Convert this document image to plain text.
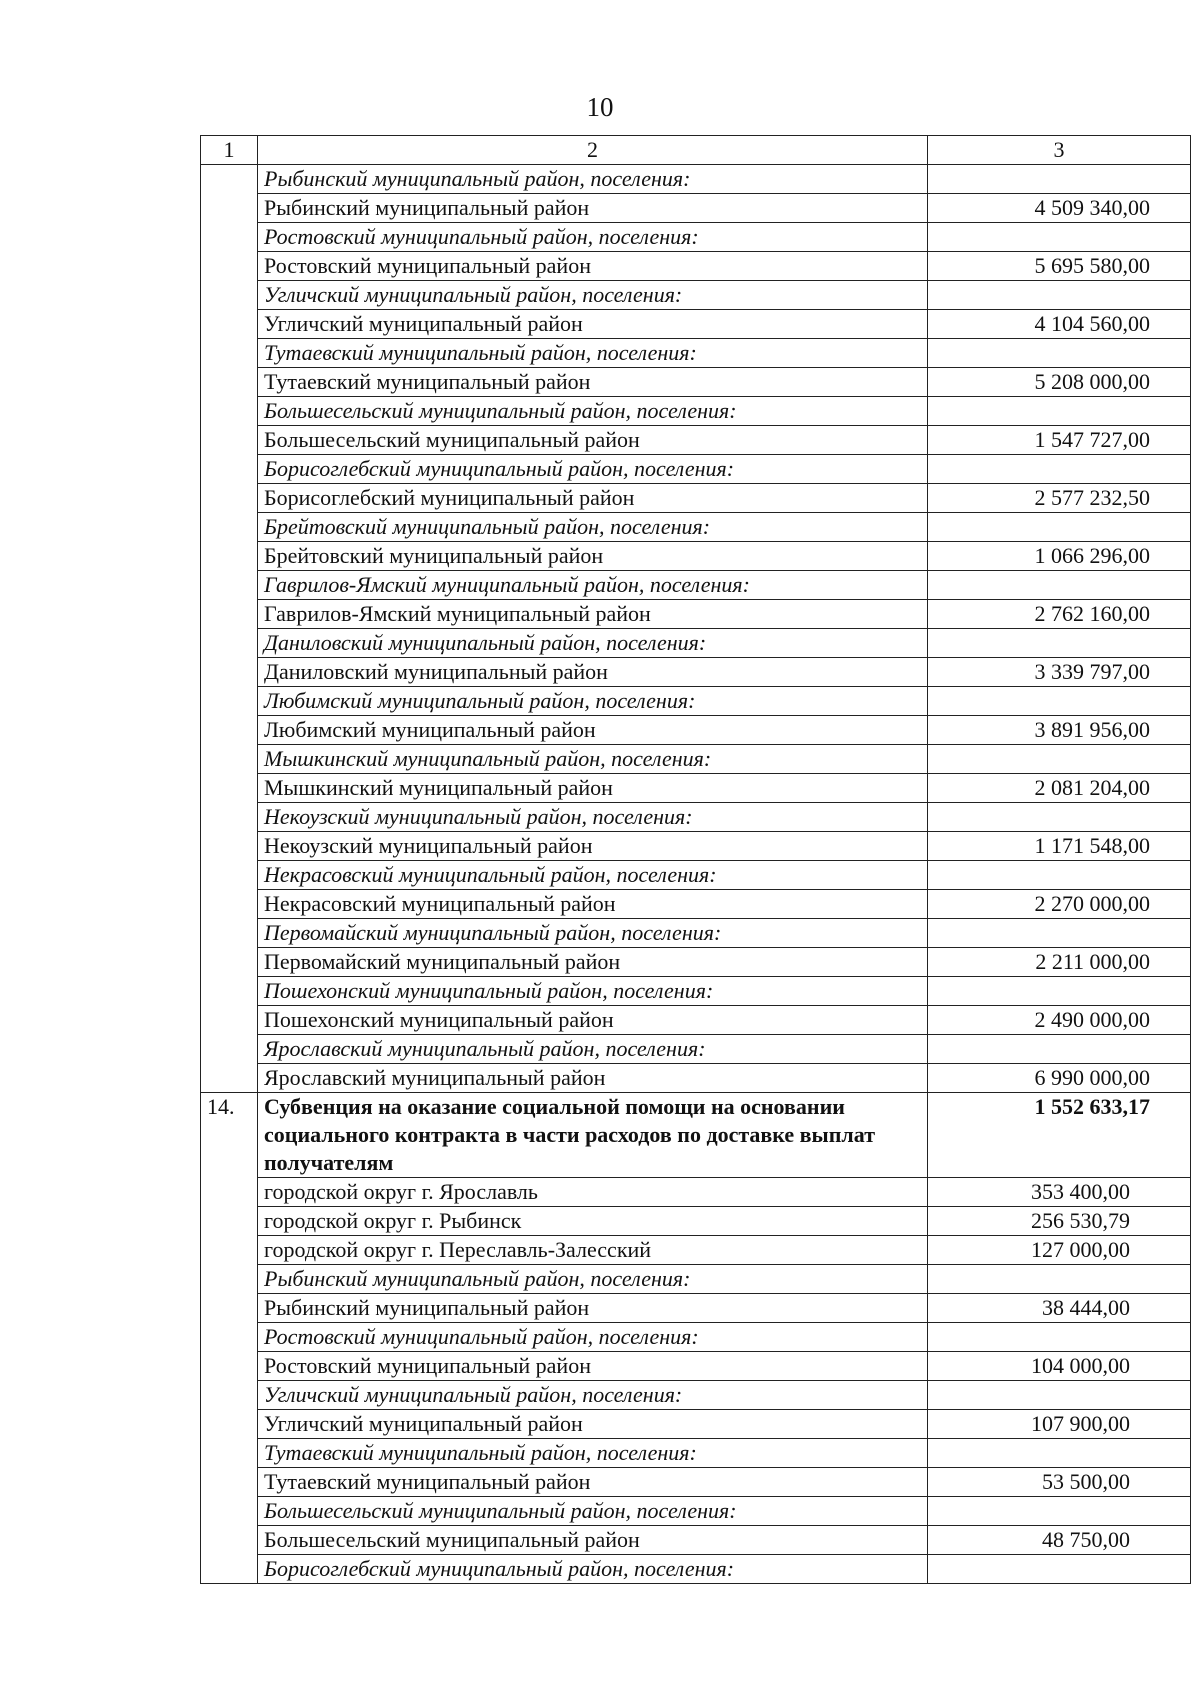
10
1	2	3
	Рыбинский муниципальный район, поселения:	
	Рыбинский муниципальный район	4 509 340,00
	Ростовский муниципальный район, поселения:	
	Ростовский муниципальный район	5 695 580,00
	Угличский муниципальный район, поселения:	
	Угличский муниципальный район	4 104 560,00
	Тутаевский муниципальный район, поселения:	
	Тутаевский муниципальный район	5 208 000,00
	Большесельский муниципальный район, поселения:	
	Большесельский муниципальный район	1 547 727,00
	Борисоглебский муниципальный район, поселения:	
	Борисоглебский муниципальный район	2 577 232,50
	Брейтовский муниципальный район, поселения:	
	Брейтовский муниципальный район	1 066 296,00
	Гаврилов-Ямский муниципальный район, поселения:	
	Гаврилов-Ямский муниципальный район	2 762 160,00
	Даниловский муниципальный район, поселения:	
	Даниловский муниципальный район	3 339 797,00
	Любимский муниципальный район, поселения:	
	Любимский муниципальный район	3 891 956,00
	Мышкинский муниципальный район, поселения:	
	Мышкинский муниципальный район	2 081 204,00
	Некоузский муниципальный район, поселения:	
	Некоузский муниципальный район	1 171 548,00
	Некрасовский муниципальный район, поселения:	
	Некрасовский муниципальный район	2 270 000,00
	Первомайский муниципальный район, поселения:	
	Первомайский муниципальный район	2 211 000,00
	Пошехонский муниципальный район, поселения:	
	Пошехонский муниципальный район	2 490 000,00
	Ярославский муниципальный район, поселения:	
	Ярославский муниципальный район	6 990 000,00
14.	Субвенция на оказание социальной помощи на основании социального контракта в части расходов по доставке выплат получателям	1 552 633,17
	городской округ г. Ярославль	353 400,00
	городской округ г. Рыбинск	256 530,79
	городской округ г. Переславль-Залесский	127 000,00
	Рыбинский муниципальный район, поселения:	
	Рыбинский муниципальный район	38 444,00
	Ростовский муниципальный район, поселения:	
	Ростовский муниципальный район	104 000,00
	Угличский муниципальный район, поселения:	
	Угличский муниципальный район	107 900,00
	Тутаевский муниципальный район, поселения:	
	Тутаевский муниципальный район	53 500,00
	Большесельский муниципальный район, поселения:	
	Большесельский муниципальный район	48 750,00
	Борисоглебский муниципальный район, поселения:	
